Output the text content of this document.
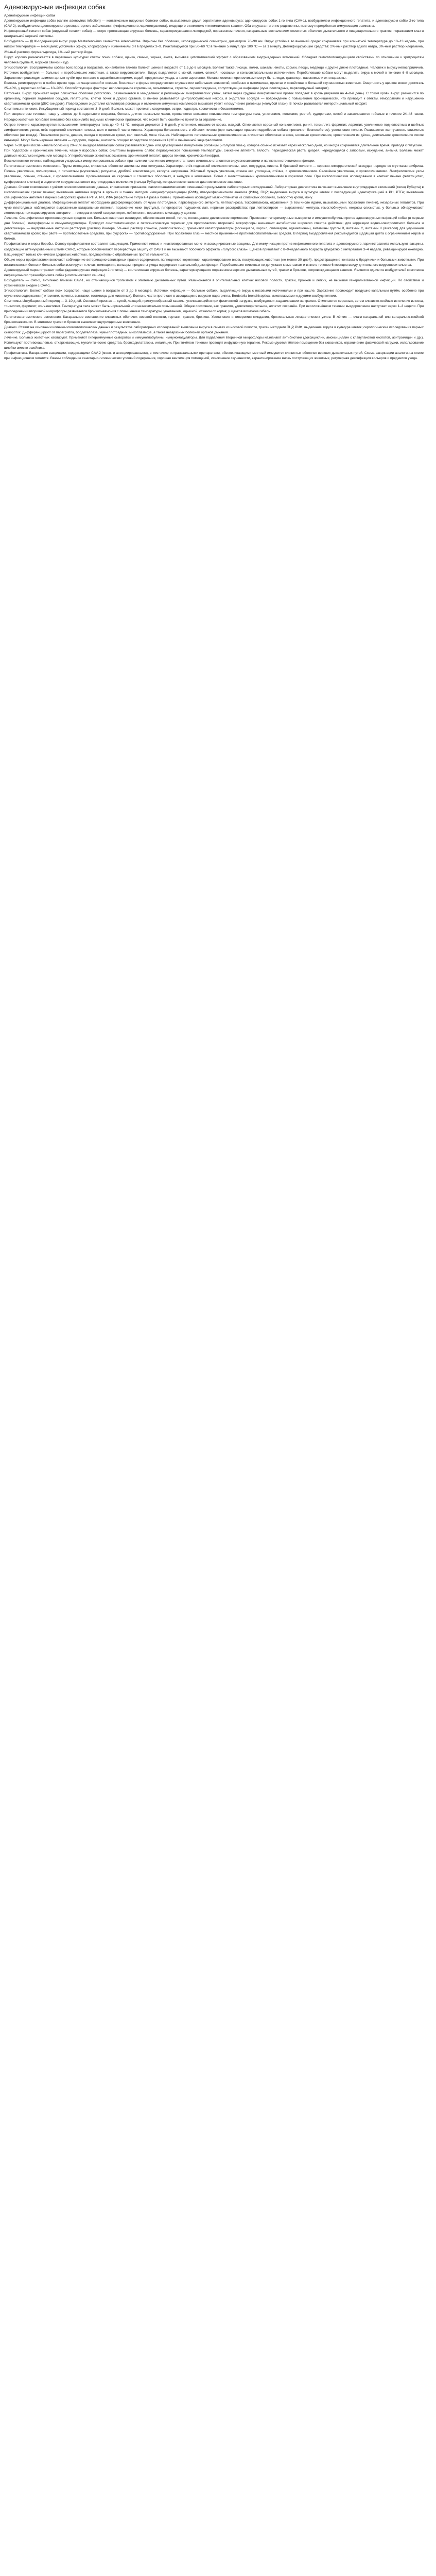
Аденовирусные инфекции собак

Аденовирусные инфекции собак

Аденовирусные инфекции собак (canine adenovirus infection) — контагиозные вирусные болезни собак, вызываемые двумя серотипами аденовируса: аденовирусом собак 1-го типа (CAV-1), возбудителем инфекционного гепатита, и аденовирусом собак 2-го типа (CAV-2), возбудителем аденовирусного респираторного заболевания (инфекционного ларинготрахеита), входящего в комплекс «питомникового кашля». Оба вируса антигенно родственны, поэтому перекрёстная иммунизация возможна.

Инфекционный гепатит собак (вирусный гепатит собак) — остро протекающая вирусная болезнь, характеризующаяся лихорадкой, поражением печени, катаральным воспалением слизистых оболочек дыхательного и пищеварительного трактов, поражением глаз и центральной нервной системы.

Возбудитель — ДНК-содержащий вирус рода Mastadenovirus семейства Adenoviridae. Вирионы без оболочки, икосаэдрической симметрии, диаметром 70–90 нм. Вирус устойчив во внешней среде: сохраняется при комнатной температуре до 10–13 недель, при низкой температуре — месяцами; устойчив к эфиру, хлороформу и изменениям pH в пределах 3–9. Инактивируется при 50–60 °C в течение 5 минут, при 100 °C — за 1 минуту. Дезинфицирующие средства: 2%-ный раствор едкого натра, 3%-ный раствор хлорамина, 2%-ный раствор формальдегида, 1%-ный раствор йода.

Вирус хорошо размножается в первичных культурах клеток почки собаки, щенка, свиньи, хорька, енота, вызывая цитопатический эффект с образованием внутриядерных включений. Обладает гемагглютинирующими свойствами по отношению к эритроцитам человека группы 0, морской свинки и кур.

Эпизоотология. Восприимчивы собаки всех пород и возрастов, но наиболее тяжело болеют щенки в возрасте от 1,5 до 6 месяцев. Болеют также лисицы, волки, шакалы, еноты, хорьки, песцы, медведи и другие дикие плотоядные. Человек к вирусу невосприимчив. Источник возбудителя — больные и переболевшие животные, а также вирусоносители. Вирус выделяется с мочой, калом, слюной, носовыми и конъюнктивальными истечениями. Переболевшие собаки могут выделять вирус с мочой в течение 6–9 месяцев. Заражение происходит алиментарным путём при контакте с заражённым кормом, водой, предметами ухода, а также аэрогенно. Механическими переносчиками могут быть люди, транспорт, насекомые и эктопаразиты.

Болезнь регистрируется в любое время года, но чаще весной и осенью. Возникает в форме спорадических случаев или небольших эпизоотий, особенно в питомниках, приютах и хозяйствах с большой скученностью животных. Смертность у щенков может достигать 25–40%, у взрослых собак — 10–20%. Способствующие факторы: неполноценное кормление, гельминтозы, стрессы, переохлаждение, сопутствующие инфекции (чума плотоядных, парвовирусный энтерит).

Патогенез. Вирус проникает через слизистые оболочки ротоглотки, размножается в миндалинах и регионарных лимфатических узлах, затем через грудной лимфатический проток попадает в кровь (виремия на 4–8-й день). С током крови вирус разносится по организму, поражая эндотелий сосудов, гепатоциты, клетки почек и других органов. В печени развивается центролобулярный некроз, в эндотелии сосудов — повреждение с повышением проницаемости, что приводит к отёкам, геморрагиям и нарушению свёртываемости крови (ДВС-синдром). Повреждение эндотелия капилляров роговицы и отложение иммунных комплексов вызывает увеит и помутнение роговицы («голубой глаз»). В почках развивается интерстициальный нефрит.

Симптомы и течение. Инкубационный период составляет 3–9 дней. Болезнь может протекать сверхостро, остро, подостро, хронически и бессимптомно.

При сверхостром течении, чаще у щенков до 6-недельного возраста, болезнь длится несколько часов, проявляется внезапно повышением температуры тела, угнетением, коликами, рвотой, судорогами, комой и заканчивается гибелью в течение 24–48 часов. Нередко животные погибают внезапно без каких-либо видимых клинических признаков, что может быть ошибочно принято за отравление.

Острое течение характеризуется повышением температуры тела до 40–41 °C, которая держится 1–6 дней, угнетением, отказом от корма, жаждой. Отмечаются серозный конъюнктивит, ринит, тонзиллит, фарингит, ларингит, увеличение подчелюстных и шейных лимфатических узлов, отёк подкожной клетчатки головы, шеи и нижней части живота. Характерна болезненность в области печени (при пальпации правого подреберья собака проявляет беспокойство), увеличение печени. Развивается желтушность слизистых оболочек (не всегда). Появляются рвота, диарея, иногда с примесью крови, кал светлый, моча тёмная. Наблюдаются петехиальные кровоизлияния на слизистых оболочках и коже, носовые кровотечения, кровотечения из дёсен, длительное кровотечение после инъекций. Могут быть нервные явления — судороги, парезы, шаткость походки вследствие поражения ЦНС и печёночной энцефалопатии.

Через 7–10 дней после начала болезни у 20–25% выздоравливающих собак развивается одно- или двустороннее помутнение роговицы («голубой глаз»), которое обычно исчезает через несколько дней, но иногда сохраняется длительное время, приводя к глаукоме.

При подостром и хроническом течении, чаще у взрослых собак, симптомы выражены слабо: периодическое повышение температуры, снижение аппетита, вялость, периодическая рвота, диарея, чередующаяся с запорами, исхудание, анемия. Болезнь может длиться несколько недель или месяцев. У переболевших животных возможны хронический гепатит, цирроз печени, хронический нефрит.

Бессимптомное течение наблюдается у взрослых иммунизированных собак и при наличии частичного иммунитета; такие животные становятся вирусоносителями и являются источником инфекции.

Патологоанатомические изменения. Трупы истощены, слизистые оболочки анемичны или желтушны. Характерен отёк подкожной клетчатки головы, шеи, подгрудка, живота. В брюшной полости — серозно-геморрагический экссудат, нередко со сгустками фибрина. Печень увеличена, полнокровна, с пятнистым (мускатным) рисунком, дряблой консистенции, капсула напряжена. Жёлчный пузырь увеличен, стенка его утолщена, отёчна, с кровоизлияниями. Селезёнка увеличена, с кровоизлияниями. Лимфатические узлы увеличены, сочные, отёчные, с кровоизлияниями. Кровоизлияния на серозных и слизистых оболочках, в желудке и кишечнике. Почки с мелкоточечными кровоизлияниями в корковом слое. При гистологическом исследовании в клетках печени (гепатоцитах, купферовских клетках) и эндотелии сосудов выявляют внутриядерные включения (тельца Рубарта), которые имеют важное диагностическое значение.

Диагноз. Ставят комплексно с учётом эпизоотологических данных, клинических признаков, патологоанатомических изменений и результатов лабораторных исследований. Лабораторная диагностика включает: выявление внутриядерных включений (телец Рубарта) в гистологических срезах печени; выявление антигена вируса в органах и тканях методом иммунофлуоресценции (РИФ), иммуноферментного анализа (ИФА), ПЦР; выделение вируса в культуре клеток с последующей идентификацией в РН, РТГА; выявление специфических антител в парных сыворотках крови в РТГА, РН, ИФА (нарастание титра в 4 раза и более). Прижизненно исследуют мазки-отпечатки из слизистых оболочек, сыворотку крови, мочу.

Дифференциальный диагноз. Инфекционный гепатит необходимо дифференцировать от чумы плотоядных, парвовирусного энтерита, лептоспироза, токсоплазмоза, отравлений (в том числе ядами, вызывающими поражение печени), незаразных гепатитов. При чуме плотоядных наблюдаются выраженные катаральные явления, поражение кожи (пустулы), гиперкератоз подушечек лап, нервные расстройства; при лептоспирозе — выраженная желтуха, гемоглобинурия, некрозы слизистых, у больных обнаруживают лептоспиры; при парвовирусном энтерите — геморрагический гастроэнтерит, лейкопения, поражение миокарда у щенков.

Лечение. Специфических противовирусных средств нет. Больных животных изолируют, обеспечивают покой, тепло, полноценное диетическое кормление. Применяют гипериммунные сыворотки и иммуноглобулины против аденовирусных инфекций собак (в первые дни болезни), интерфероны и иммуномодуляторы. Проводят симптоматическую и патогенетическую терапию: для профилактики вторичной микрофлоры назначают антибиотики широкого спектра действия; для коррекции водно-электролитного баланса и детоксикации — внутривенные инфузии растворов (раствор Рингера, 5%-ный раствор глюкозы, реополиглюкин); применяют гепатопротекторы (эссенциале, карсил, силимарин, адеметионин), витамины группы B, витамин C, витамин K (викасол) для улучшения свёртываемости крови; при рвоте — противорвотные средства, при судорогах — противосудорожные. При поражении глаз — местное применение противовоспалительных средств. В период выздоровления рекомендуется щадящая диета с ограничением жиров и белков.

Профилактика и меры борьбы. Основу профилактики составляет вакцинация. Применяют живые и инактивированные моно- и ассоциированные вакцины. Для иммунизации против инфекционного гепатита и аденовирусного ларинготрахеита используют вакцины, содержащие аттенуированный штамм CAV-2, которые обеспечивают перекрёстную защиту от CAV-1 и не вызывают побочного эффекта «голубого глаза». Щенков прививают с 8–9-недельного возраста двукратно с интервалом 3–4 недели, ревакцинируют ежегодно. Вакцинируют только клинически здоровых животных, предварительно обработанных против гельминтов.

Общие меры профилактики включают соблюдение ветеринарно-санитарных правил содержания, полноценное кормление, карантинирование вновь поступающих животных (не менее 30 дней), предотвращение контакта с бродячими и больными животными. При возникновении болезни больных собак изолируют и лечат; помещения, вольеры, предметы ухода подвергают тщательной дезинфекции. Переболевших животных не допускают к выставкам и вязке в течение 6 месяцев ввиду длительного вирусоносительства.

Аденовирусный ларинготрахеит собак (аденовирусная инфекция 2-го типа) — контагиозная вирусная болезнь, характеризующаяся поражением верхних дыхательных путей, трахеи и бронхов, сопровождающаяся кашлем. Является одним из возбудителей комплекса инфекционного трахеобронхита собак («питомникового кашля»).

Возбудитель — CAV-2, антигенно близкий CAV-1, но отличающийся тропизмом к эпителию дыхательных путей. Размножается в эпителиальных клетках носовой полости, трахеи, бронхов и лёгких, не вызывая генерализованной инфекции. По свойствам и устойчивости сходен с CAV-1.

Эпизоотология. Болеют собаки всех возрастов, чаще щенки в возрасте от 3 до 6 месяцев. Источник инфекции — больные собаки, выделяющие вирус с носовыми истечениями и при кашле. Заражение происходит воздушно-капельным путём, особенно при скученном содержании (питомники, приюты, выставки, гостиницы для животных). Болезнь часто протекает в ассоциации с вирусом парагриппа, Bordetella bronchiseptica, микоплазмами и другими возбудителями.

Симптомы. Инкубационный период — 3–10 дней. Основной признак — сухой, лающий, приступообразный кашель, усиливающийся при физической нагрузке, возбуждении, надавливании на трахею. Отмечаются серозные, затем слизисто-гнойные истечения из носа, тонзиллит, фарингит, конъюнктивит. Температура тела может быть нормальной или незначительно повышенной. Общее состояние, как правило, удовлетворительное, аппетит сохранён. При неосложнённом течении выздоровление наступает через 1–3 недели. При присоединении вторичной микрофлоры развивается бронхопневмония с повышением температуры, угнетением, одышкой, отказом от корма; у щенков возможна гибель.

Патологоанатомические изменения. Катаральное воспаление слизистых оболочек носовой полости, гортани, трахеи, бронхов. Увеличение и гиперемия миндалин, бронхиальных лимфатических узлов. В лёгких — очаги катаральной или катарально-гнойной бронхопневмонии. В эпителии трахеи и бронхов выявляют внутриядерные включения.

Диагноз. Ставят на основании клинико-эпизоотологических данных и результатов лабораторных исследований: выявление вируса в смывах из носовой полости, трахеи методами ПЦР, РИФ; выделение вируса в культуре клеток; серологические исследования парных сывороток. Дифференцируют от парагриппа, бордетеллёза, чумы плотоядных, микоплазмоза, а также незаразных болезней органов дыхания.

Лечение. Больных животных изолируют. Применяют гипериммунные сыворотки и иммуноглобулины, иммуномодуляторы. Для подавления вторичной микрофлоры назначают антибиотики (доксициклин, амоксициллин с клавулановой кислотой, азитромицин и др.). Используют противокашлевые, отхаркивающие, муколитические средства, бронходилататоры, ингаляции. При тяжёлом течении проводят инфузионную терапию. Рекомендуются тёплое помещение без сквозняков, ограничение физической нагрузки, использование шлейки вместо ошейника.

Профилактика. Вакцинация вакцинами, содержащими CAV-2 (моно- и ассоциированными), в том числе интраназальными препаратами, обеспечивающими местный иммунитет слизистых оболочек верхних дыхательных путей. Схема вакцинации аналогична схеме при инфекционном гепатите. Важны соблюдение санитарно-гигиенических условий содержания, хорошая вентиляция помещений, исключение скученности, карантинирование вновь поступающих животных, регулярная дезинфекция вольеров и предметов ухода.
